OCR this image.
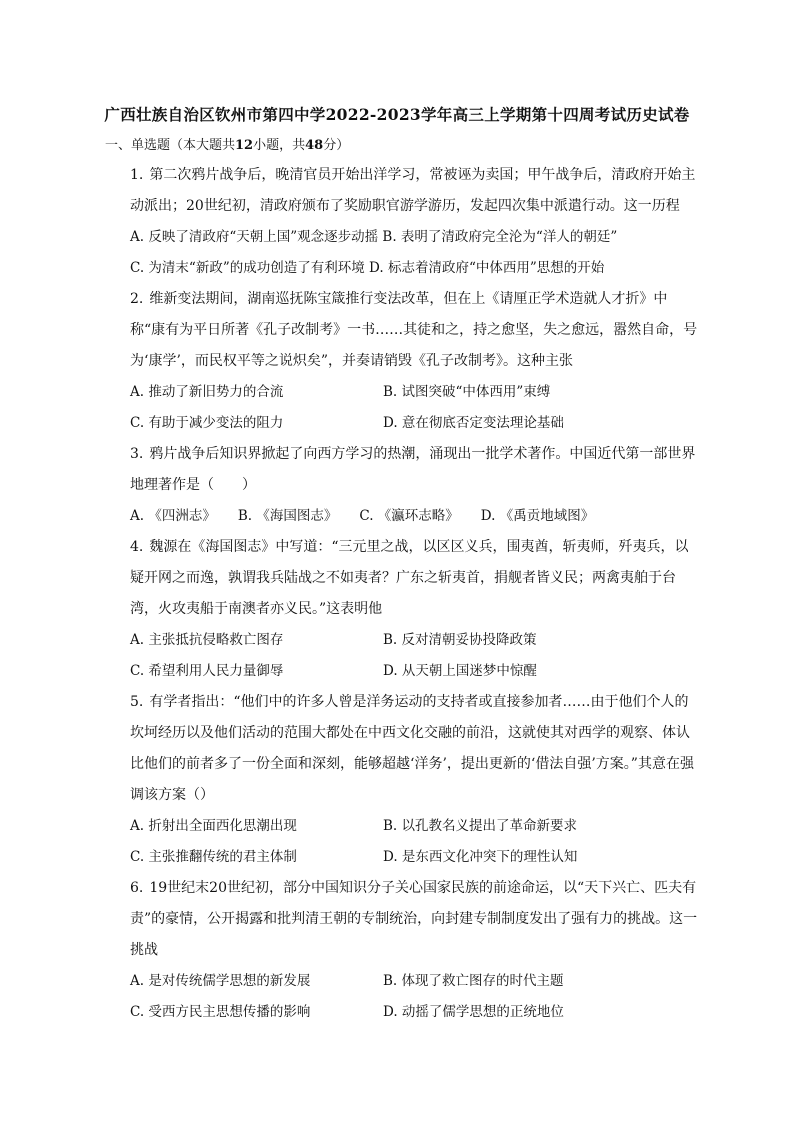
广西壮族自治区钦州市第四中学2022-2023学年高三上学期第十四周考试历史试卷
一、单选题（本大题共12小题，共48分）

1. 第二次鸦片战争后，晚清官员开始出洋学习，常被诬为卖国；甲午战争后，清政府开始主动派出；20世纪初，清政府颁布了奖励职官游学游历，发起四次集中派遣行动。这一历程

A. 反映了清政府“天朝上国”观念逐步动摇 B. 表明了清政府完全沦为“洋人的朝廷”
C. 为清末“新政”的成功创造了有利环境 D. 标志着清政府“中体西用”思想的开始

2. 维新变法期间，湖南巡抚陈宝箴推行变法改革，但在上《请厘正学术造就人才折》中称“康有为平日所著《孔子改制考》一书……其徒和之，持之愈坚，失之愈远，嚣然自命，号为‘康学’，而民权平等之说炽矣”，并奏请销毁《孔子改制考》。这种主张

A. 推动了新旧势力的合流	B. 试图突破“中体西用”束缚
C. 有助于减少变法的阻力	D. 意在彻底否定变法理论基础

3. 鸦片战争后知识界掀起了向西方学习的热潮，涌现出一批学术著作。中国近代第一部世界地理著作是（　　）

A. 《四洲志》 B. 《海国图志》 C. 《瀛环志略》 D. 《禹贡地域图》

4. 魏源在《海国图志》中写道：“三元里之战，以区区义兵，围夷酋，斩夷师，歼夷兵，以疑开网之而逸，孰谓我兵陆战之不如夷者？广东之斩夷首，捐舰者皆义民；两禽夷舶于台湾，火攻夷船于南澳者亦义民。”这表明他

A. 主张抵抗侵略救亡图存	B. 反对清朝妥协投降政策
C. 希望利用人民力量御辱	D. 从天朝上国迷梦中惊醒

5. 有学者指出：“他们中的许多人曾是洋务运动的支持者或直接参加者……由于他们个人的坎坷经历以及他们活动的范围大都处在中西文化交融的前沿，这就使其对西学的观察、体认比他们的前者多了一份全面和深刻，能够超越‘洋务’，提出更新的‘借法自强’方案。”其意在强调该方案（）

A. 折射出全面西化思潮出现	B. 以孔教名义提出了革命新要求
C. 主张推翻传统的君主体制	D. 是东西文化冲突下的理性认知

6. 19世纪末20世纪初，部分中国知识分子关心国家民族的前途命运，以“天下兴亡、匹夫有责”的豪情，公开揭露和批判清王朝的专制统治，向封建专制制度发出了强有力的挑战。这一挑战

A. 是对传统儒学思想的新发展	B. 体现了救亡图存的时代主题
C. 受西方民主思想传播的影响	D. 动摇了儒学思想的正统地位
